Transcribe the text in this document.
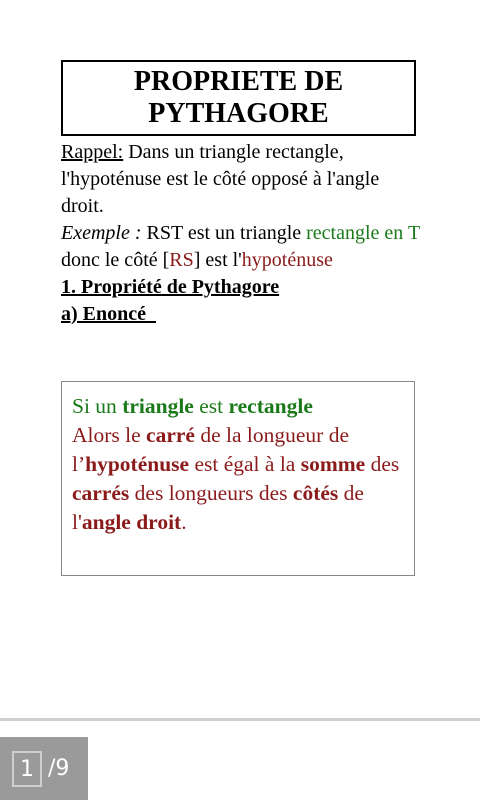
PROPRIETE DE
PYTHAGORE

Rappel: Dans un triangle rectangle, l'hypoténuse est le côté opposé à l'angle droit.

Exemple : RST est un triangle rectangle en T donc le côté [RS] est l'hypoténuse

1. Propriété de Pythagore

a) Enoncé

Si un triangle est rectangle

Alors le carré de la longueur de l’hypoténuse est égal à la somme des carrés des longueurs des côtés de l'angle droit.

1 /9
